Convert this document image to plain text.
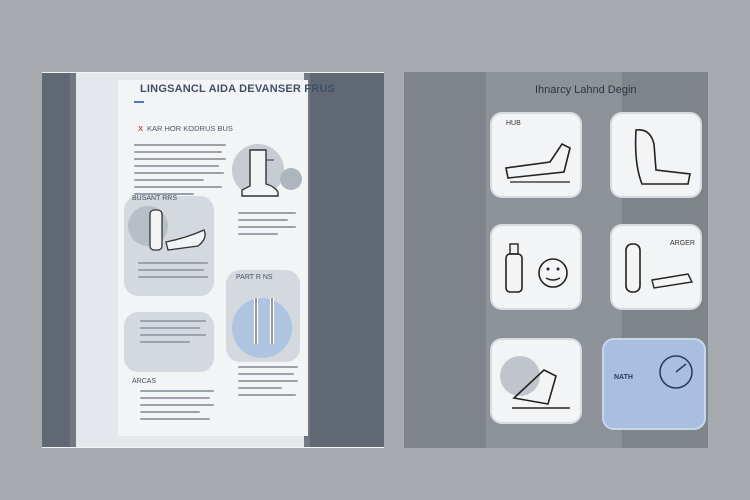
LINGSANCL AIDA DEVANSER FRUS
X KAR HOR KODRUS BUS
BUSANT RRS
PART R NS
ARCAS
Ihnarcy Lahnd Degin
HUB
ARGER
NATH
